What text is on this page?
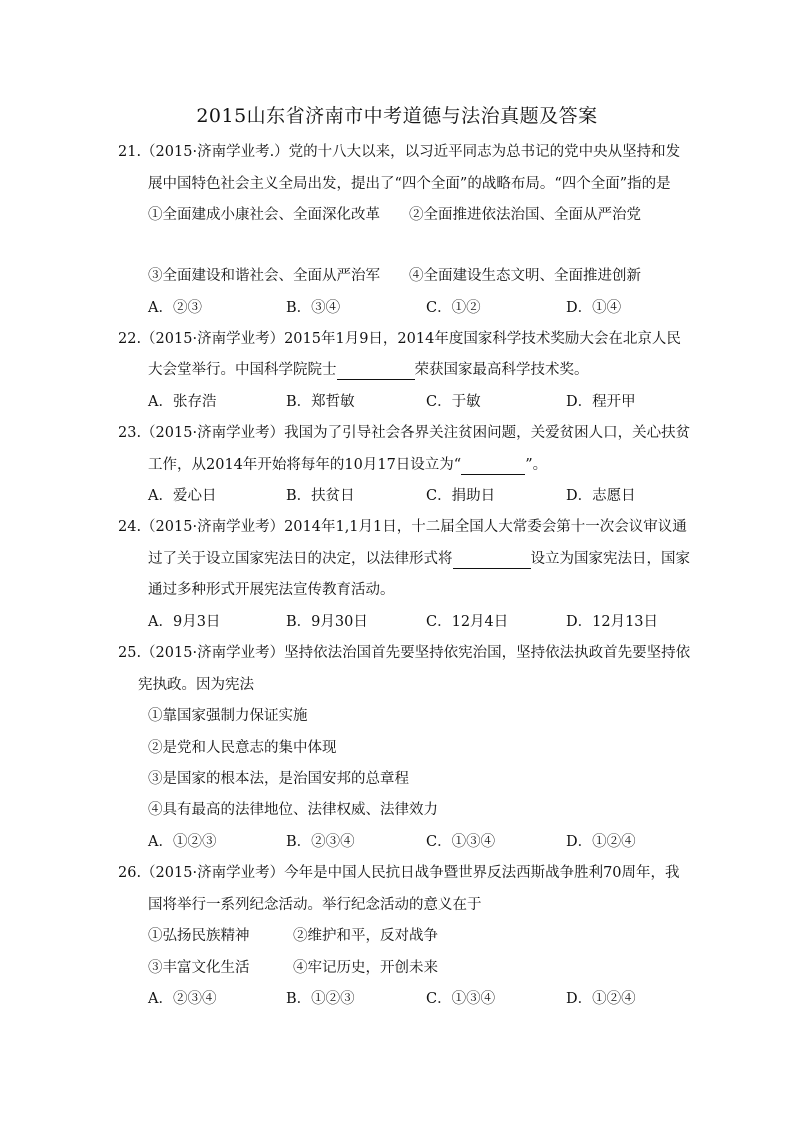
2015山东省济南市中考道德与法治真题及答案
21.（2015·济南学业考.）党的十八大以来，以习近平同志为总书记的党中央从坚持和发
展中国特色社会主义全局出发，提出了“四个全面”的战略布局。“四个全面”指的是
①全面建成小康社会、全面深化改革　　②全面推进依法治国、全面从严治党
③全面建设和谐社会、全面从严治军　　④全面建设生态文明、全面推进创新
A．②③	B．③④	C．①②	D．①④
22.（2015·济南学业考）2015年1月9日，2014年度国家科学技术奖励大会在北京人民
大会堂举行。中国科学院院士	荣获国家最高科学技术奖。
A．张存浩	B．郑哲敏	C．于敏	D．程开甲
23.（2015·济南学业考）我国为了引导社会各界关注贫困问题，关爱贫困人口，关心扶贫
工作，从2014年开始将每年的10月17日设立为“	”。
A．爱心日	B．扶贫日	C．捐助日	D．志愿日
24.（2015·济南学业考）2014年1,1月1日，十二届全国人大常委会第十一次会议审议通
过了关于设立国家宪法日的决定，以法律形式将	设立为国家宪法日，国家
通过多种形式开展宪法宣传教育活动。
A．9月3日	B．9月30日	C．12月4日	D．12月13日
25.（2015·济南学业考）坚持依法治国首先要坚持依宪治国，坚持依法执政首先要坚持依
宪执政。因为宪法
①靠国家强制力保证实施
②是党和人民意志的集中体现
③是国家的根本法，是治国安邦的总章程
④具有最高的法律地位、法律权威、法律效力
A．①②③	B．②③④	C．①③④	D．①②④
26.（2015·济南学业考）今年是中国人民抗日战争暨世界反法西斯战争胜利70周年，我
国将举行一系列纪念活动。举行纪念活动的意义在于
①弘扬民族精神　　　②维护和平，反对战争
③丰富文化生活　　　④牢记历史，开创未来
A．②③④	B．①②③	C．①③④	D．①②④
